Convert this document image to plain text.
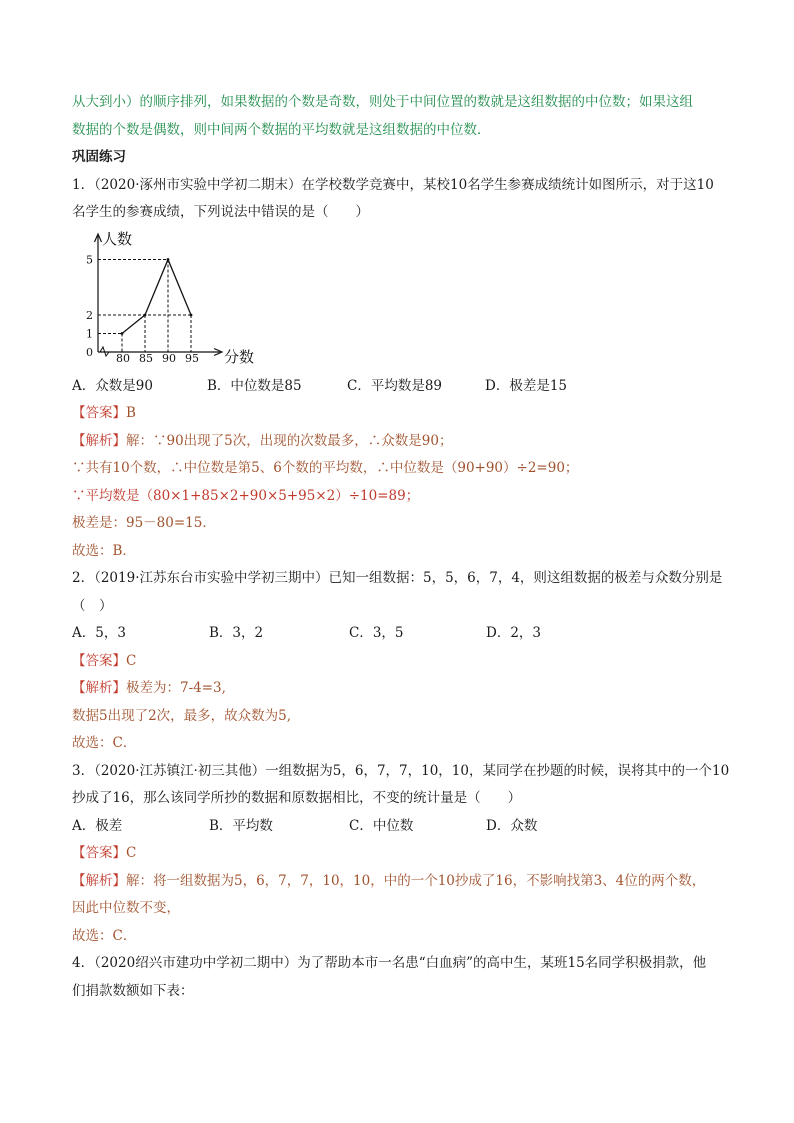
从大到小）的顺序排列，如果数据的个数是奇数，则处于中间位置的数就是这组数据的中位数；如果这组
数据的个数是偶数，则中间两个数据的平均数就是这组数据的中位数．
巩固练习
1．（2020·涿州市实验中学初二期末）在学校数学竞赛中，某校10名学生参赛成绩统计如图所示，对于这10
名学生的参赛成绩，下列说法中错误的是（　　）
人数
分数
0
1
2
5
80 85 90 95
A．众数是90	B．中位数是85	C．平均数是89	D．极差是15
【答案】B
【解析】解：∵90出现了5次，出现的次数最多，∴众数是90；
∵共有10个数，∴中位数是第5、6个数的平均数，∴中位数是（90+90）÷2=90；
∵平均数是（80×1+85×2+90×5+95×2）÷10=89；
极差是：95－80=15．
故选：B．
2．（2019·江苏东台市实验中学初三期中）已知一组数据：5，5，6，7，4，则这组数据的极差与众数分别是
（　）
A．5，3	B．3，2	C．3，5	D．2，3
【答案】C
【解析】极差为：7-4=3,
数据5出现了2次，最多，故众数为5,
故选：C．
3．（2020·江苏镇江·初三其他）一组数据为5，6，7，7，10，10，某同学在抄题的时候，误将其中的一个10
抄成了16，那么该同学所抄的数据和原数据相比，不变的统计量是（　　）
A．极差	B．平均数	C．中位数	D．众数
【答案】C
【解析】解：将一组数据为5，6，7，7，10，10，中的一个10抄成了16，不影响找第3、4位的两个数，
因此中位数不变，
故选：C．
4．（2020绍兴市建功中学初二期中）为了帮助本市一名患“白血病”的高中生，某班15名同学积极捐款，他
们捐款数额如下表：
